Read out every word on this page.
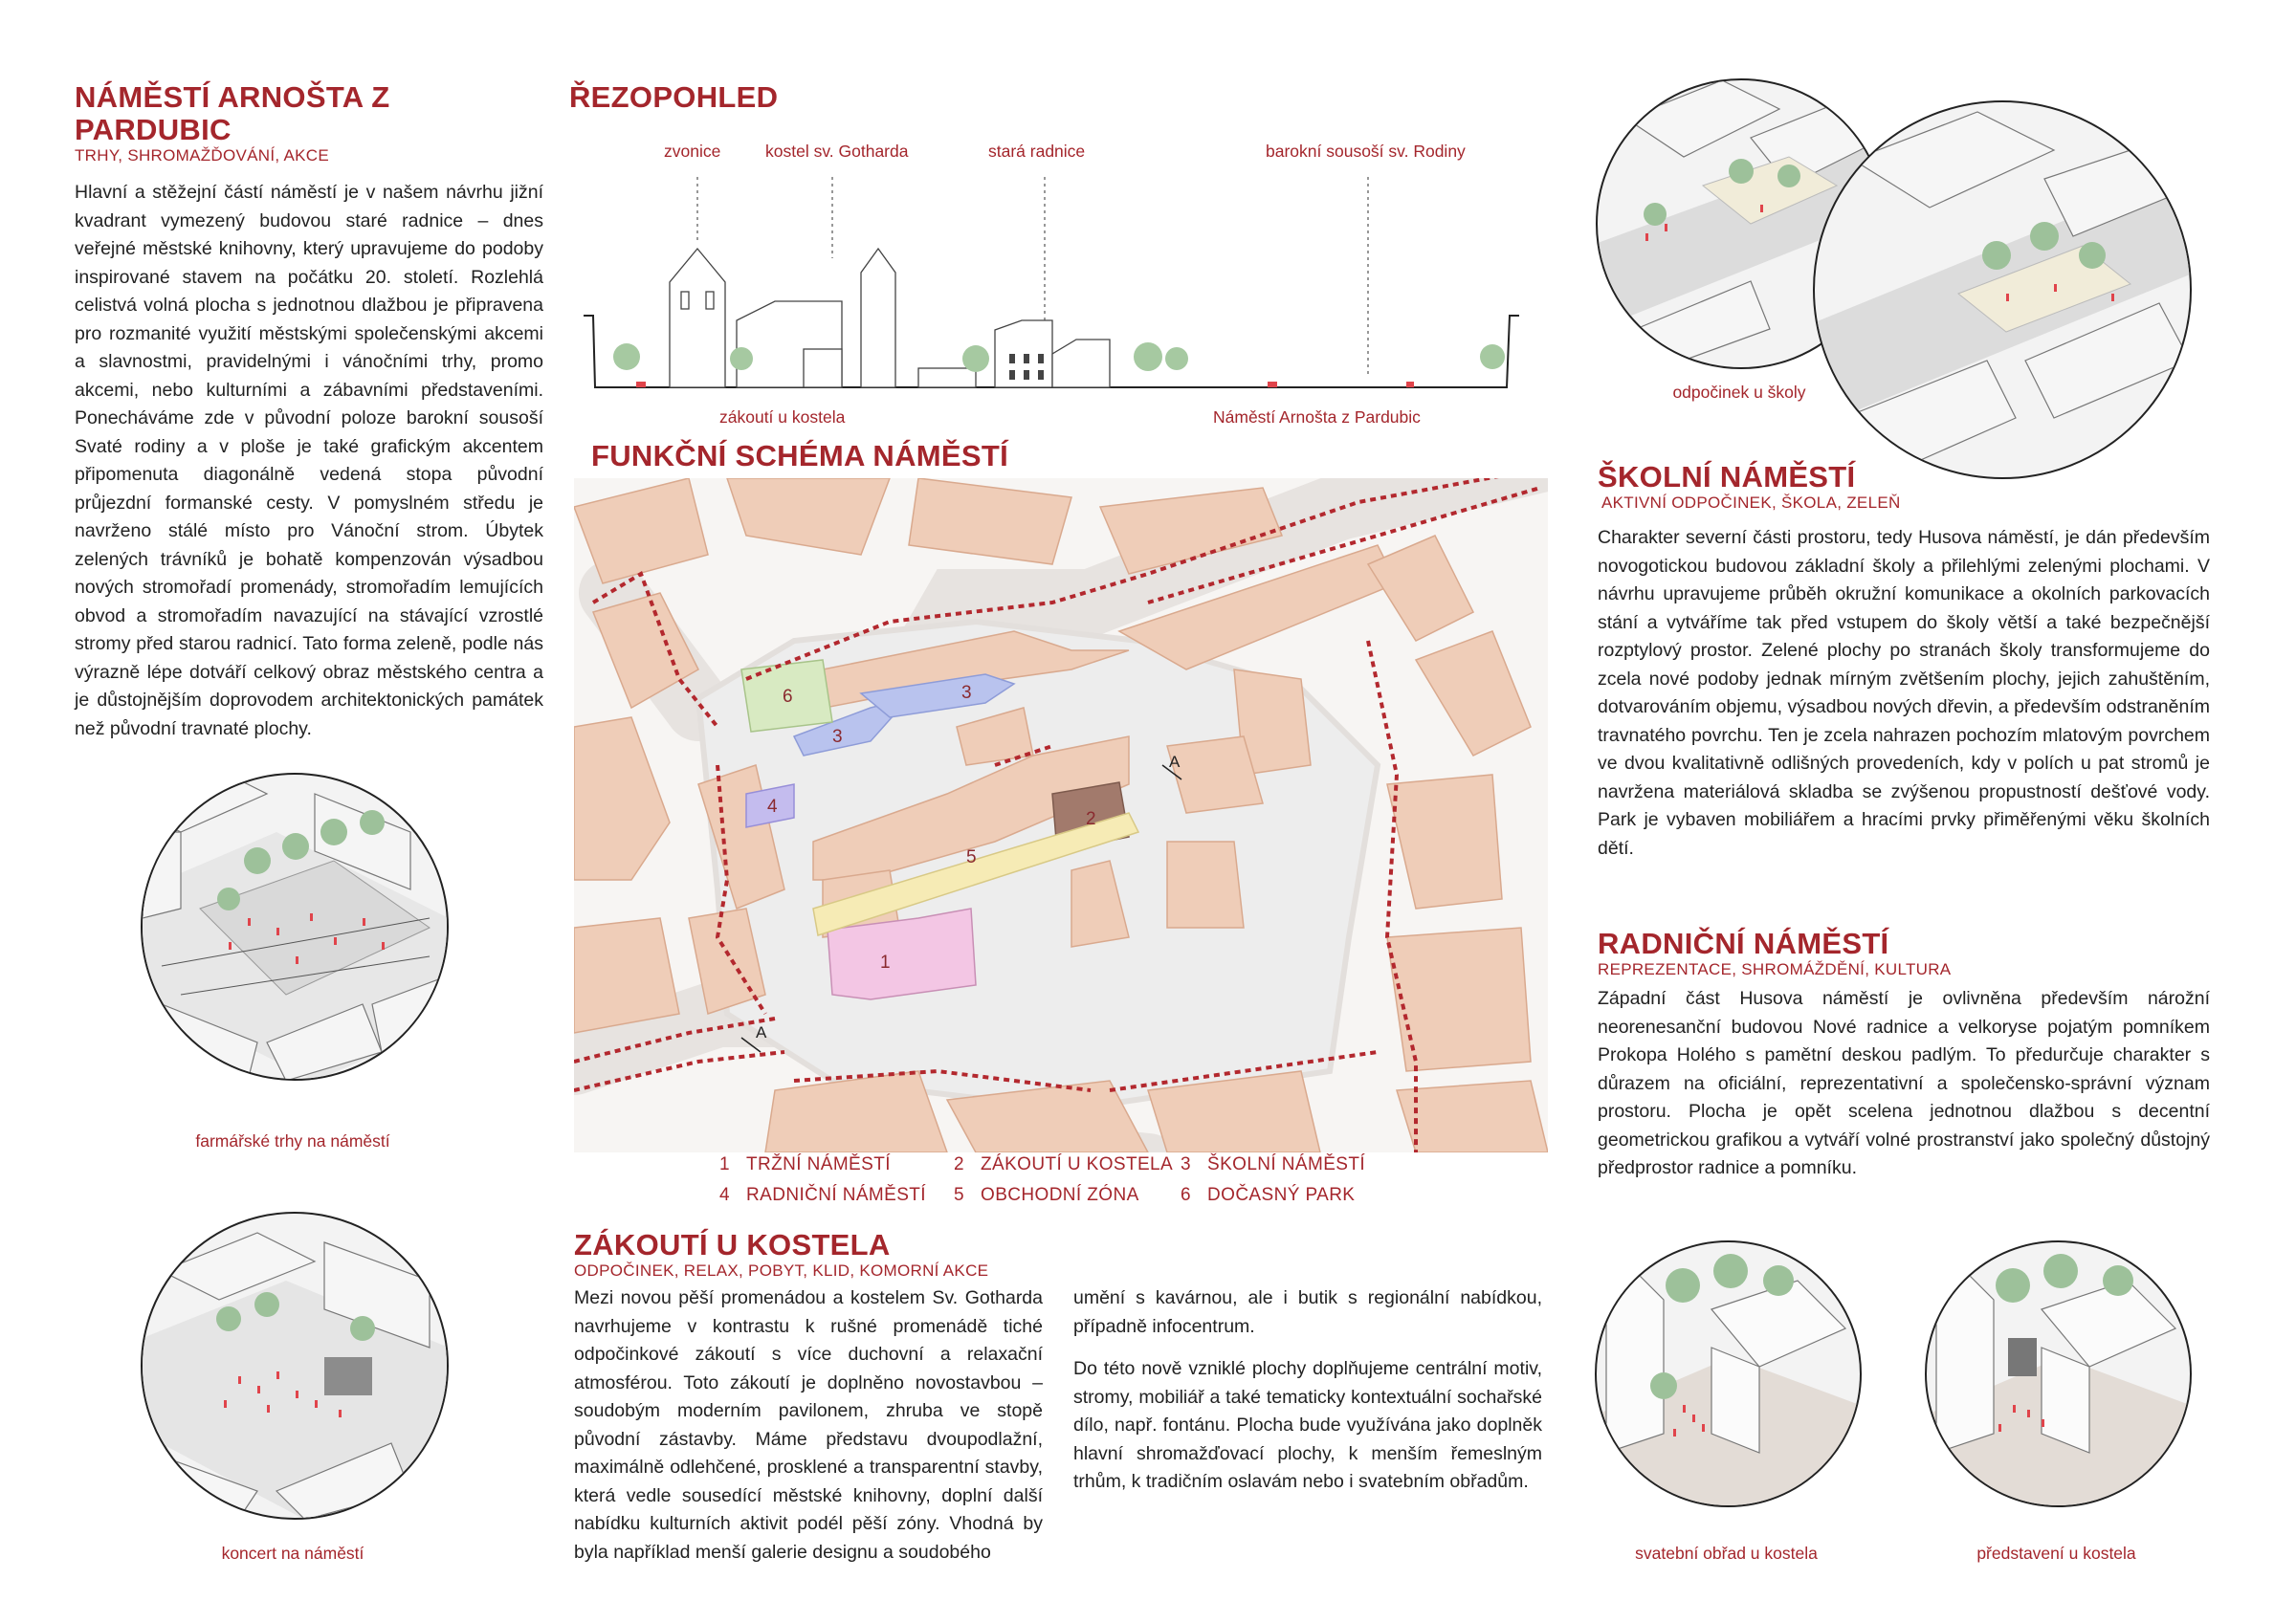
NÁMĚSTÍ ARNOŠTA Z PARDUBIC
TRHY, SHROMAŽĎOVÁNÍ, AKCE

Hlavní a stěžejní částí náměstí je v našem návrhu jižní kvadrant vymezený budovou staré radnice – dnes veřejné městské knihovny, který upravujeme do podoby inspirované stavem na počátku 20. století. Rozlehlá celistvá volná plocha s jednotnou dlažbou je připravena pro rozmanité využití městskými společenskými akcemi a slavnostmi, pravidelnými i vánočními trhy, promo akcemi, nebo kulturními a zábavními představeními. Ponecháváme zde v původní poloze barokní sousoší Svaté rodiny a v ploše je také grafickým akcentem připomenuta diagonálně vedená stopa původní průjezdní formanské cesty. V pomyslném středu je navrženo stálé místo pro Vánoční strom. Úbytek zelených trávníků je bohatě kompenzován výsadbou nových stromořadí promenády, stromořadím lemujících obvod a stromořadím navazující na stávající vzrostlé stromy před starou radnicí. Tato forma zeleně, podle nás výrazně lépe dotváří celkový obraz městského centra a je důstojnějším doprovodem architektonických památek než původní travnaté plochy.

farmářské trhy na náměstí
koncert na náměstí
ŘEZOPOHLED
zvonice	kostel sv. Gotharda	stará radnice	barokní sousoší sv. Rodiny
zákoutí u kostela	Náměstí Arnošta z Pardubic
FUNKČNÍ SCHÉMA NÁMĚSTÍ
1
2
3
3
4
5
6
A
A
1 TRŽNÍ NÁMĚSTÍ	2 ZÁKOUTÍ U KOSTELA 3 ŠKOLNÍ NÁMĚSTÍ
4 RADNIČNÍ NÁMĚSTÍ 5 OBCHODNÍ ZÓNA 6 DOČASNÝ PARK
ZÁKOUTÍ U KOSTELA
ODPOČINEK, RELAX, POBYT, KLID, KOMORNÍ AKCE

Mezi novou pěší promenádou a kostelem Sv. Gotharda navrhujeme v kontrastu k rušné promenádě tiché odpočinkové zákoutí s více duchovní a relaxační atmosférou. Toto zákoutí je doplněno novostavbou – soudobým moderním pavilonem, zhruba ve stopě původní zástavby. Máme představu dvoupodlažní, maximálně odlehčené, prosklené a transparentní stavby, která vedle sousedící městské knihovny, doplní další nabídku kulturních aktivit podél pěší zóny. Vhodná by byla například menší galerie designu a soudobého

umění s kavárnou, ale i butik s regionální nabídkou, případně infocentrum.

Do této nově vzniklé plochy doplňujeme centrální motiv, stromy, mobiliář a také tematicky kontextuální sochařské dílo, např. fontánu. Plocha bude využívána jako doplněk hlavní shromažďovací plochy, k menším řemeslným trhům, k tradičním oslavám nebo i svatebním obřadům.

odpočinek u školy
ŠKOLNÍ NÁMĚSTÍ
AKTIVNÍ ODPOČINEK, ŠKOLA, ZELEŇ

Charakter severní části prostoru, tedy Husova náměstí, je dán především novogotickou budovou základní školy a přilehlými zelenými plochami. V návrhu upravujeme průběh okružní komunikace a okolních parkovacích stání a vytváříme tak před vstupem do školy větší a také bezpečnější rozptylový prostor. Zelené plochy po stranách školy transformujeme do zcela nové podoby jednak mírným zvětšením plochy, jejich zahuštěním, dotvarováním objemu, výsadbou nových dřevin, a především odstraněním travnatého povrchu. Ten je zcela nahrazen pochozím mlatovým povrchem ve dvou kvalitativně odlišných provedeních, kdy v polích u pat stromů je navržena materiálová skladba se zvýšenou propustností dešťové vody. Park je vybaven mobiliářem a hracími prvky přiměřenými věku školních dětí.

RADNIČNÍ NÁMĚSTÍ
REPREZENTACE, SHROMÁŽDĚNÍ, KULTURA

Západní část Husova náměstí je ovlivněna především nárožní neorenesanční budovou Nové radnice a velkoryse pojatým pomníkem Prokopa Holého s pamětní deskou padlým. To předurčuje charakter s důrazem na oficiální, reprezentativní a společensko-správní význam prostoru. Plocha je opět scelena jednotnou dlažbou s decentní geometrickou grafikou a vytváří volné prostranství jako společný důstojný předprostor radnice a pomníku.

svatební obřad u kostela	představení u kostela
